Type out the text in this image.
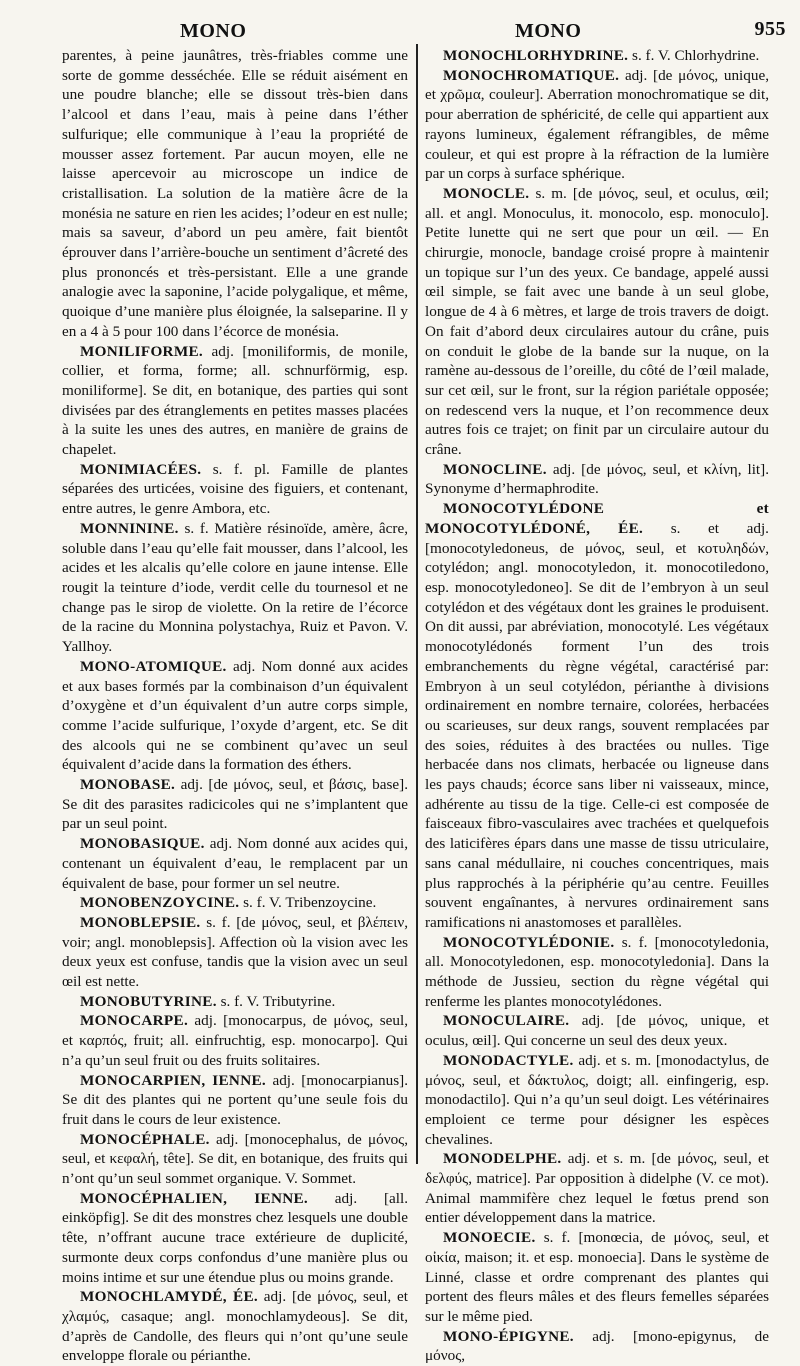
MONO	MONO	955

parentes, à peine jaunâtres, très-friables comme une sorte de gomme desséchée. Elle se réduit aisément en une poudre blanche; elle se dissout très-bien dans l’alcool et dans l’eau, mais à peine dans l’éther sulfurique; elle communique à l’eau la propriété de mousser assez fortement. Par aucun moyen, elle ne laisse apercevoir au microscope un indice de cristallisation. La solution de la matière âcre de la monésia ne sature en rien les acides; l’odeur en est nulle; mais sa saveur, d’abord un peu amère, fait bientôt éprouver dans l’arrière-bouche un sentiment d’âcreté des plus prononcés et très-persistant. Elle a une grande analogie avec la saponine, l’acide polygalique, et même, quoique d’une manière plus éloignée, la salseparine. Il y en a 4 à 5 pour 100 dans l’écorce de monésia.

MONILIFORME. adj. [moniliformis, de monile, collier, et forma, forme; all. schnurförmig, esp. moniliforme]. Se dit, en botanique, des parties qui sont divisées par des étranglements en petites masses placées à la suite les unes des autres, en manière de grains de chapelet.

MONIMIACÉES. s. f. pl. Famille de plantes séparées des urticées, voisine des figuiers, et contenant, entre autres, le genre Ambora, etc.

MONNININE. s. f. Matière résinoïde, amère, âcre, soluble dans l’eau qu’elle fait mousser, dans l’alcool, les acides et les alcalis qu’elle colore en jaune intense. Elle rougit la teinture d’iode, verdit celle du tournesol et ne change pas le sirop de violette. On la retire de l’écorce de la racine du Monnina polystachya, Ruiz et Pavon. V. Yallhoy.

MONO-ATOMIQUE. adj. Nom donné aux acides et aux bases formés par la combinaison d’un équivalent d’oxygène et d’un équivalent d’un autre corps simple, comme l’acide sulfurique, l’oxyde d’argent, etc. Se dit des alcools qui ne se combinent qu’avec un seul équivalent d’acide dans la formation des éthers.

MONOBASE. adj. [de μόνος, seul, et βάσις, base]. Se dit des parasites radicicoles qui ne s’implantent que par un seul point.

MONOBASIQUE. adj. Nom donné aux acides qui, contenant un équivalent d’eau, le remplacent par un équivalent de base, pour former un sel neutre.

MONOBENZOYCINE. s. f. V. Tribenzoycine.

MONOBLEPSIE. s. f. [de μόνος, seul, et βλέπειν, voir; angl. monoblepsis]. Affection où la vision avec les deux yeux est confuse, tandis que la vision avec un seul œil est nette.

MONOBUTYRINE. s. f. V. Tributyrine.

MONOCARPE. adj. [monocarpus, de μόνος, seul, et καρπός, fruit; all. einfruchtig, esp. monocarpo]. Qui n’a qu’un seul fruit ou des fruits solitaires.

MONOCARPIEN, IENNE. adj. [monocarpianus]. Se dit des plantes qui ne portent qu’une seule fois du fruit dans le cours de leur existence.

MONOCÉPHALE. adj. [monocephalus, de μόνος, seul, et κεφαλή, tête]. Se dit, en botanique, des fruits qui n’ont qu’un seul sommet organique. V. Sommet.

MONOCÉPHALIEN, IENNE. adj. [all. einköpfig]. Se dit des monstres chez lesquels une double tête, n’offrant aucune trace extérieure de duplicité, surmonte deux corps confondus d’une manière plus ou moins intime et sur une étendue plus ou moins grande.

MONOCHLAMYDÉ, ÉE. adj. [de μόνος, seul, et χλαμύς, casaque; angl. monochlamydeous]. Se dit, d’après de Candolle, des fleurs qui n’ont qu’une seule enveloppe florale ou périanthe.

MONOCHLORHYDRINE. s. f. V. Chlorhydrine.

MONOCHROMATIQUE. adj. [de μόνος, unique, et χρῶμα, couleur]. Aberration monochromatique se dit, pour aberration de sphéricité, de celle qui appartient aux rayons lumineux, également réfrangibles, de même couleur, et qui est propre à la réfraction de la lumière par un corps à surface sphérique.

MONOCLE. s. m. [de μόνος, seul, et oculus, œil; all. et angl. Monoculus, it. monocolo, esp. monoculo]. Petite lunette qui ne sert que pour un œil. — En chirurgie, monocle, bandage croisé propre à maintenir un topique sur l’un des yeux. Ce bandage, appelé aussi œil simple, se fait avec une bande à un seul globe, longue de 4 à 6 mètres, et large de trois travers de doigt. On fait d’abord deux circulaires autour du crâne, puis on conduit le globe de la bande sur la nuque, on la ramène au-dessous de l’oreille, du côté de l’œil malade, sur cet œil, sur le front, sur la région pariétale opposée; on redescend vers la nuque, et l’on recommence deux autres fois ce trajet; on finit par un circulaire autour du crâne.

MONOCLINE. adj. [de μόνος, seul, et κλίνη, lit]. Synonyme d’hermaphrodite.

MONOCOTYLÉDONE et MONOCOTYLÉDONÉ, ÉE. s. et adj. [monocotyledoneus, de μόνος, seul, et κοτυληδών, cotylédon; angl. monocotyledon, it. monocotiledono, esp. monocotyledoneo]. Se dit de l’embryon à un seul cotylédon et des végétaux dont les graines le produisent. On dit aussi, par abréviation, monocotylé. Les végétaux monocotylédonés forment l’un des trois embranchements du règne végétal, caractérisé par: Embryon à un seul cotylédon, périanthe à divisions ordinairement en nombre ternaire, colorées, herbacées ou scarieuses, sur deux rangs, souvent remplacées par des soies, réduites à des bractées ou nulles. Tige herbacée dans nos climats, herbacée ou ligneuse dans les pays chauds; écorce sans liber ni vaisseaux, mince, adhérente au tissu de la tige. Celle-ci est composée de faisceaux fibro-vasculaires avec trachées et quelquefois des laticifères épars dans une masse de tissu utriculaire, sans canal médullaire, ni couches concentriques, mais plus rapprochés à la périphérie qu’au centre. Feuilles souvent engaînantes, à nervures ordinairement sans ramifications ni anastomoses et parallèles.

MONOCOTYLÉDONIE. s. f. [monocotyledonia, all. Monocotyledonen, esp. monocotyledonia]. Dans la méthode de Jussieu, section du règne végétal qui renferme les plantes monocotylédones.

MONOCULAIRE. adj. [de μόνος, unique, et oculus, œil]. Qui concerne un seul des deux yeux.

MONODACTYLE. adj. et s. m. [monodactylus, de μόνος, seul, et δάκτυλος, doigt; all. einfingerig, esp. monodactilo]. Qui n’a qu’un seul doigt. Les vétérinaires emploient ce terme pour désigner les espèces chevalines.

MONODELPHE. adj. et s. m. [de μόνος, seul, et δελφύς, matrice]. Par opposition à didelphe (V. ce mot). Animal mammifère chez lequel le fœtus prend son entier développement dans la matrice.

MONOECIE. s. f. [monœcia, de μόνος, seul, et οἰκία, maison; it. et esp. monoecia]. Dans le système de Linné, classe et ordre comprenant des plantes qui portent des fleurs mâles et des fleurs femelles séparées sur le même pied.

MONO-ÉPIGYNE. adj. [mono-epigynus, de μόνος,
